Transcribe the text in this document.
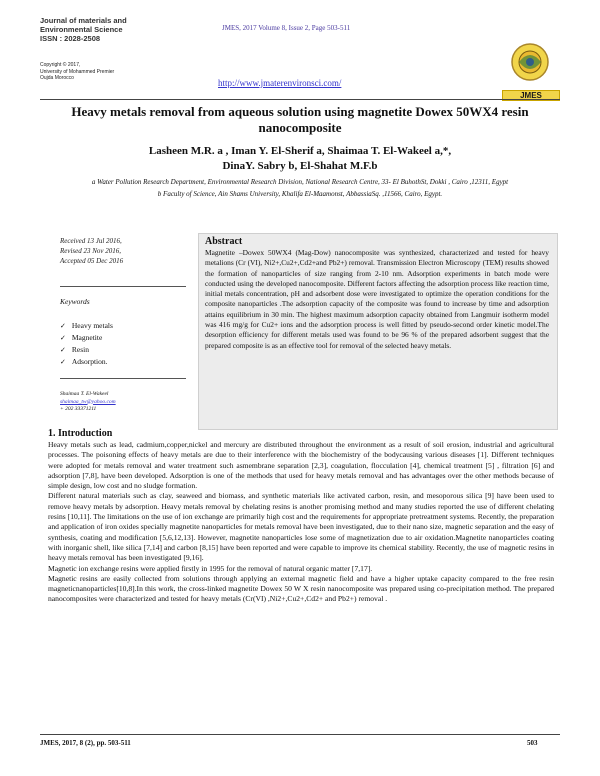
Journal of materials and Environmental Science
ISSN : 2028-2508
Copyright © 2017,
University of Mohammed Premier
Oujda Morocco
JMES, 2017 Volume 8, Issue 2, Page 503-511
http://www.jmaterenvironsci.com/
JMES
Heavy metals removal from aqueous solution using magnetite Dowex 50WX4 resin nanocomposite
Lasheen M.R. a , Iman Y. El-Sherif a, Shaimaa T. El-Wakeel a,*,
DinaY. Sabry b, El-Shahat M.F.b
a Water Pollution Research Department, Environmental Research Division, National Research Centre, 33- El BuhothSt, Dokki , Cairo ,12311, Egypt
b Faculty of Science, Ain Shams University, Khalifa El-Maamonst, AbbassiaSq. ,11566, Cairo, Egypt.
Received 13 Jul 2016,
Revised 23 Nov 2016,
Accepted 05 Dec 2016
Keywords
✓ Heavy metals
✓ Magnetite
✓ Resin
✓ Adsorption.
Shaimaa T. El-Wakeel
shaimaa_tw@yahoo.com
+ 202 33371211
Abstract
Magnetite –Dowex 50WX4 (Mag-Dow) nanocomposite was synthesized, characterized and tested for heavy metalions (Cr (VI), Ni2+,Cu2+,Cd2+and Pb2+) removal. Transmission Electron Microscopy (TEM) results showed the formation of nanoparticles of size ranging from 2-10 nm. Adsorption experiments in batch mode were conducted using the developed nanocomposite. Different factors affecting the adsorption process like reaction time, initial metals concentration, pH and adsorbent dose were investigated to optimize the operation conditions for the composite nanoparticles .The adsorption capacity of the composite was found to increase by time and adsorption attains equilibrium in 30 min. The highest maximum adsorption capacity obtained from Langmuir isotherm model was 416 mg/g for Cu2+ ions and the adsorption process is well fitted by pseudo-second order kinetic model.The desorption efficiency for different metals used was found to be 96 % of the prepared adsorbent suggest that the prepared composite is as an effective tool for removal of the selected heavy metals.
1. Introduction

Heavy metals such as lead, cadmium,copper,nickel and mercury are distributed throughout the environment as a result of soil erosion, industrial and agricultural processes. The poisoning effects of heavy metals are due to their interference with the biochemistry of the bodycausing various diseases [1]. Different techniques were adopted for metals removal and water treatment such asmembrane separation [2,3], coagulation, flocculation [4], chemical treatment [5] , filtration [6] and adsorption [7,8], have been developed. Adsorption is one of the methods that used for heavy metals removal and has advantages over the other methods because of simple design, low cost and no sludge formation.

Different natural materials such as clay, seaweed and biomass, and synthetic materials like activated carbon, resin, and mesoporous silica [9] have been used to remove heavy metals by adsorption. Heavy metals removal by chelating resins is another promising method and many studies reported the use of different chelating resins [10,11]. The limitations on the use of ion exchange are primarily high cost and the requirements for appropriate pretreatment systems. Recently, the preparation and application of iron oxides specially magnetite nanoparticles for metals removal have been investigated, due to their nano size, magnetic separation and the easy of synthesis, coating and modification [5,6,12,13]. However, magnetite nanoparticles lose some of magnetization due to air oxidation.Magnetite nanoparticles coating with inorganic shell, like silica [7,14] and carbon [8,15] have been reported and were capable to improve its chemical stability. Recently, the use of magnetic resins in heavy metals removal has been investigated [9,16].

Magnetic ion exchange resins were applied firstly in 1995 for the removal of natural organic matter [7,17].

Magnetic resins are easily collected from solutions through applying an external magnetic field and have a higher uptake capacity compared to the free resin magneticnanoparticles[10,8].In this work, the cross-linked magnetite Dowex 50 W X resin nanocomposite was prepared using co-precipitation method. The prepared nanocomposites were characterized and tested for heavy metals (Cr(VI) ,Ni2+,Cu2+,Cd2+ and Pb2+) removal .

JMES, 2017, 8 (2), pp. 503-511	503
